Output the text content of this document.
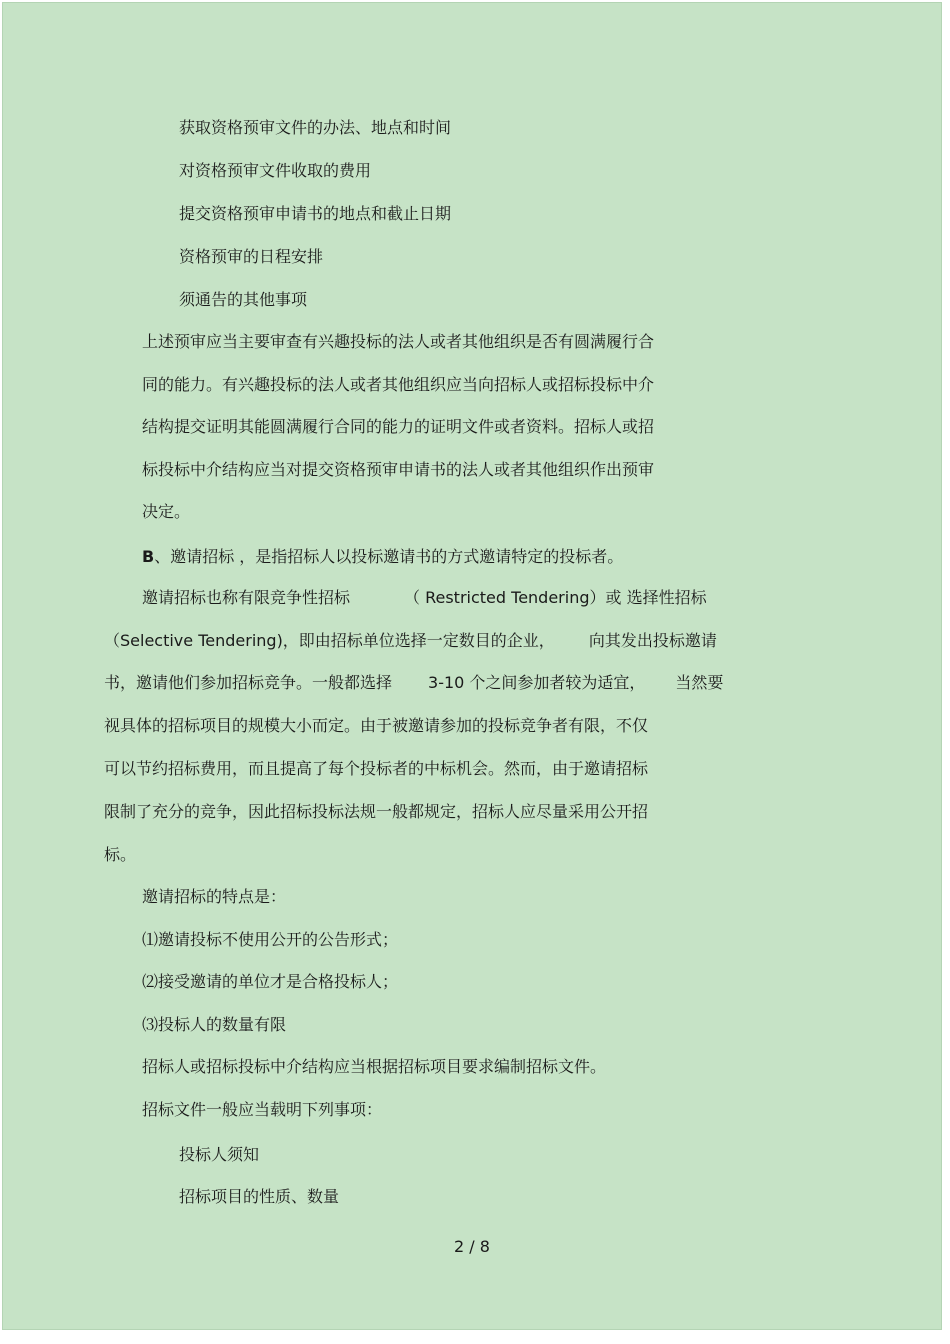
获取资格预审文件的办法、地点和时间
对资格预审文件收取的费用
提交资格预审申请书的地点和截止日期
资格预审的日程安排
须通告的其他事项
上述预审应当主要审查有兴趣投标的法人或者其他组织是否有圆满履行合
同的能力。有兴趣投标的法人或者其他组织应当向招标人或招标投标中介
结构提交证明其能圆满履行合同的能力的证明文件或者资料。招标人或招
标投标中介结构应当对提交资格预审申请书的法人或者其他组织作出预审
决定。
B、邀请招标 ，是指招标人以投标邀请书的方式邀请特定的投标者。
邀请招标也称有限竞争性招标	（ Restricted Tendering）或 选择性招标
（Selective Tendering)，即由招标单位选择一定数目的企业， 向其发出投标邀请
书，邀请他们参加招标竞争。一般都选择 3-10 个之间参加者较为适宜， 当然要
视具体的招标项目的规模大小而定。由于被邀请参加的投标竞争者有限，不仅
可以节约招标费用，而且提高了每个投标者的中标机会。然而，由于邀请招标
限制了充分的竞争，因此招标投标法规一般都规定，招标人应尽量采用公开招
标。
邀请招标的特点是：
⑴邀请投标不使用公开的公告形式；
⑵接受邀请的单位才是合格投标人；
⑶投标人的数量有限
招标人或招标投标中介结构应当根据招标项目要求编制招标文件。
招标文件一般应当载明下列事项：
投标人须知
招标项目的性质、数量
2 / 8
